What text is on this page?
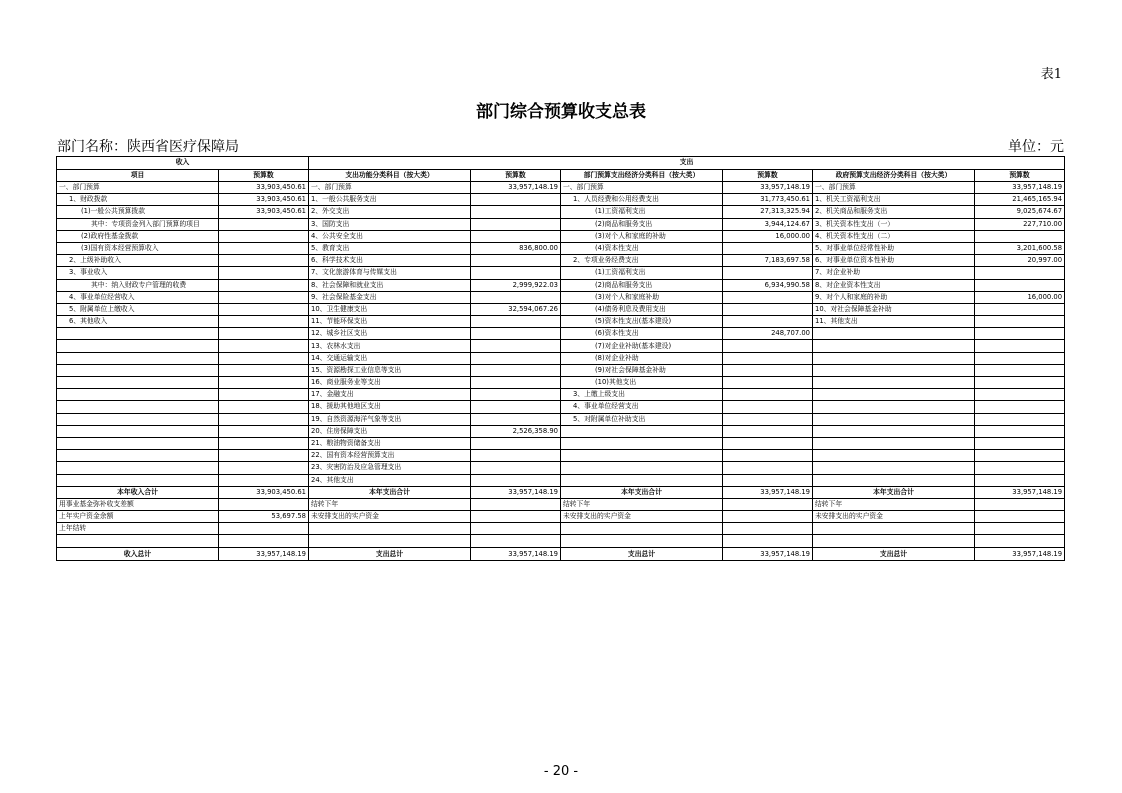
表1
部门综合预算收支总表
部门名称：陕西省医疗保障局	单位：元
收入		支出					
项目	预算数	支出功能分类科目（按大类）	预算数	部门预算支出经济分类科目（按大类）	预算数	政府预算支出经济分类科目（按大类）	预算数
一、部门预算	33,903,450.61	一、部门预算	33,957,148.19	一、部门预算	33,957,148.19	一、部门预算	33,957,148.19
1、财政拨款	33,903,450.61	1、一般公共服务支出		1、人员经费和公用经费支出	31,773,450.61	1、机关工资福利支出	21,465,165.94
(1)一般公共预算拨款	33,903,450.61	2、外交支出		(1)工资福利支出	27,313,325.94	2、机关商品和服务支出	9,025,674.67
其中：专项资金列入部门预算的项目		3、国防支出		(2)商品和服务支出	3,944,124.67	3、机关资本性支出（一）	227,710.00
(2)政府性基金拨款		4、公共安全支出		(3)对个人和家庭的补助	16,000.00	4、机关资本性支出（二）	
(3)国有资本经营预算收入		5、教育支出	836,800.00	(4)资本性支出		5、对事业单位经常性补助	3,201,600.58
2、上级补助收入		6、科学技术支出		2、专项业务经费支出	7,183,697.58	6、对事业单位资本性补助	20,997.00
3、事业收入		7、文化旅游体育与传媒支出		(1)工资福利支出		7、对企业补助	
其中：纳入财政专户管理的收费		8、社会保障和就业支出	2,999,922.03	(2)商品和服务支出	6,934,990.58	8、对企业资本性支出	
4、事业单位经营收入		9、社会保险基金支出		(3)对个人和家庭补助		9、对个人和家庭的补助	16,000.00
5、附属单位上缴收入		10、卫生健康支出	32,594,067.26	(4)债务利息及费用支出		10、对社会保障基金补助	
6、其他收入		11、节能环保支出		(5)资本性支出(基本建设)		11、其他支出	
		12、城乡社区支出		(6)资本性支出	248,707.00		
		13、农林水支出		(7)对企业补助(基本建设)			
		14、交通运输支出		(8)对企业补助			
		15、资源勘探工业信息等支出		(9)对社会保障基金补助			
		16、商业服务业等支出		(10)其他支出			
		17、金融支出		3、上缴上级支出			
		18、援助其他地区支出		4、事业单位经营支出			
		19、自然资源海洋气象等支出		5、对附属单位补助支出			
		20、住房保障支出	2,526,358.90				
		21、粮油物资储备支出					
		22、国有资本经营预算支出					
		23、灾害防治及应急管理支出					
		24、其他支出					
本年收入合计	33,903,450.61	本年支出合计	33,957,148.19	本年支出合计	33,957,148.19	本年支出合计	33,957,148.19
用事业基金弥补收支差额		结转下年		结转下年		结转下年	
上年实户资金余额	53,697.58	未安排支出的实户资金		未安排支出的实户资金		未安排支出的实户资金	
上年结转							

收入总计	33,957,148.19	支出总计	33,957,148.19	支出总计	33,957,148.19	支出总计	33,957,148.19
- 20 -
